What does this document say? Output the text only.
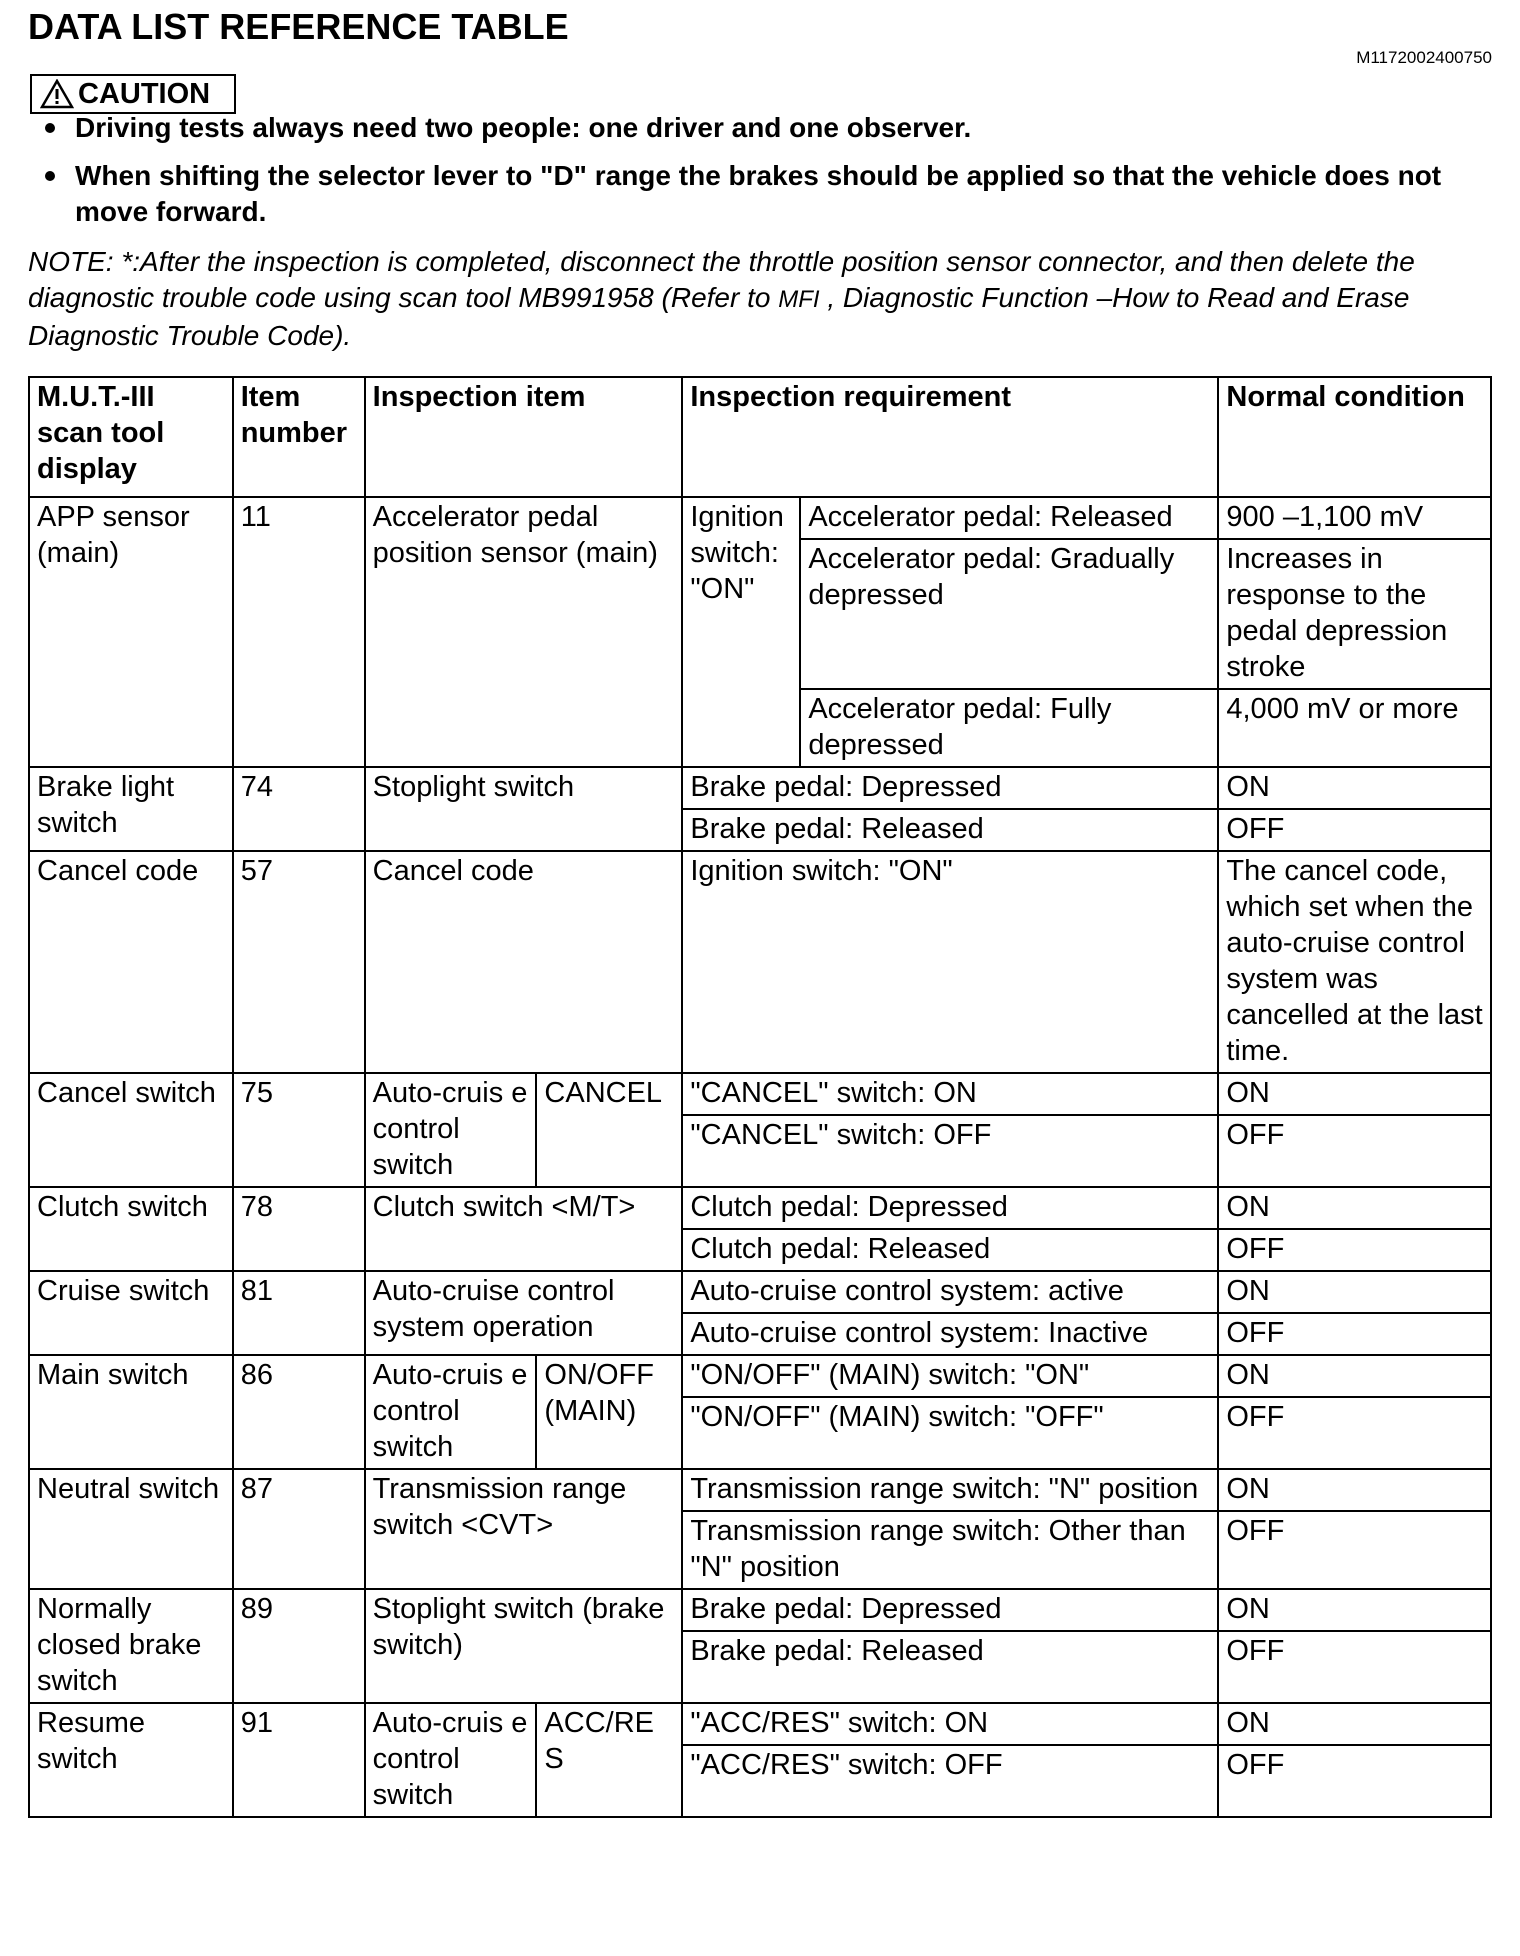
DATA LIST REFERENCE TABLE
M1172002400750
CAUTION
Driving tests always need two people: one driver and one observer.
When shifting the selector lever to "D" range the brakes should be applied so that the vehicle does not move forward.
NOTE: *:After the inspection is completed, disconnect the throttle position sensor connector, and then delete the diagnostic trouble code using scan tool MB991958 (Refer to MFI , Diagnostic Function –How to Read and Erase Diagnostic Trouble Code).
M.U.T.-III scan tool display	Item number	Inspection item		Inspection requirement		Normal condition
APP sensor (main)	11	Accelerator pedal position sensor (main)		Ignition switch: "ON"	Accelerator pedal: Released	900 –1,100 mV
					Accelerator pedal: Gradually depressed	Increases in response to the pedal depression stroke
					Accelerator pedal: Fully depressed	4,000 mV or more
Brake light switch	74	Stoplight switch		Brake pedal: Depressed		ON
				Brake pedal: Released		OFF
Cancel code	57	Cancel code		Ignition switch: "ON"		The cancel code, which set when the auto-cruise control system was cancelled at the last time.
Cancel switch	75	Auto-cruis e control switch	CANCEL	"CANCEL" switch: ON		ON
				"CANCEL" switch: OFF		OFF
Clutch switch	78	Clutch switch <M/T>		Clutch pedal: Depressed		ON
				Clutch pedal: Released		OFF
Cruise switch	81	Auto-cruise control system operation		Auto-cruise control system: active		ON
				Auto-cruise control system: Inactive		OFF
Main switch	86	Auto-cruis e control switch	ON/OFF (MAIN)	"ON/OFF" (MAIN) switch: "ON"		ON
				"ON/OFF" (MAIN) switch: "OFF"		OFF
Neutral switch	87	Transmission range switch <CVT>		Transmission range switch: "N" position		ON
				Transmission range switch: Other than "N" position		OFF
Normally closed brake switch	89	Stoplight switch (brake switch)		Brake pedal: Depressed		ON
				Brake pedal: Released		OFF
Resume switch	91	Auto-cruis e control switch	ACC/RE S	"ACC/RES" switch: ON		ON
				"ACC/RES" switch: OFF		OFF
